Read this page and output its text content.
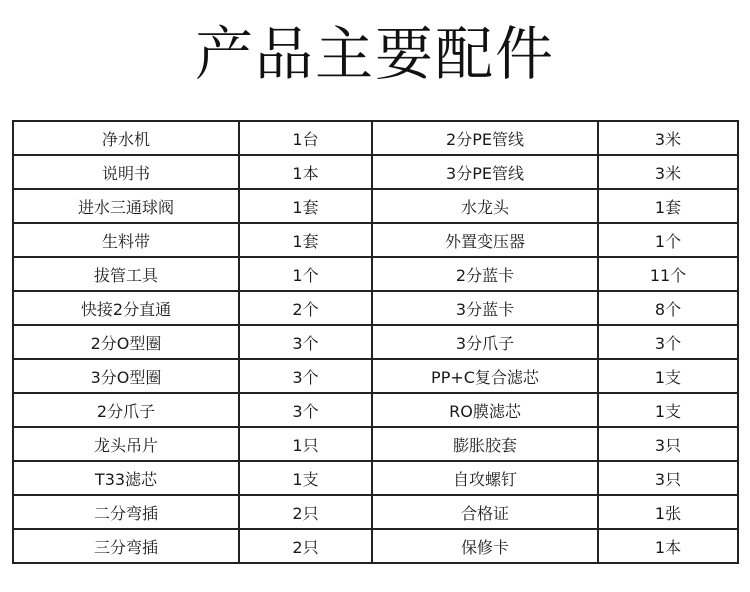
产品主要配件
净水机	1台	2分PE管线	3米
说明书	1本	3分PE管线	3米
进水三通球阀	1套	水龙头	1套
生料带	1套	外置变压器	1个
拔管工具	1个	2分蓝卡	11个
快接2分直通	2个	3分蓝卡	8个
2分O型圈	3个	3分爪子	3个
3分O型圈	3个	PP+C复合滤芯	1支
2分爪子	3个	RO膜滤芯	1支
龙头吊片	1只	膨胀胶套	3只
T33滤芯	1支	自攻螺钉	3只
二分弯插	2只	合格证	1张
三分弯插	2只	保修卡	1本
